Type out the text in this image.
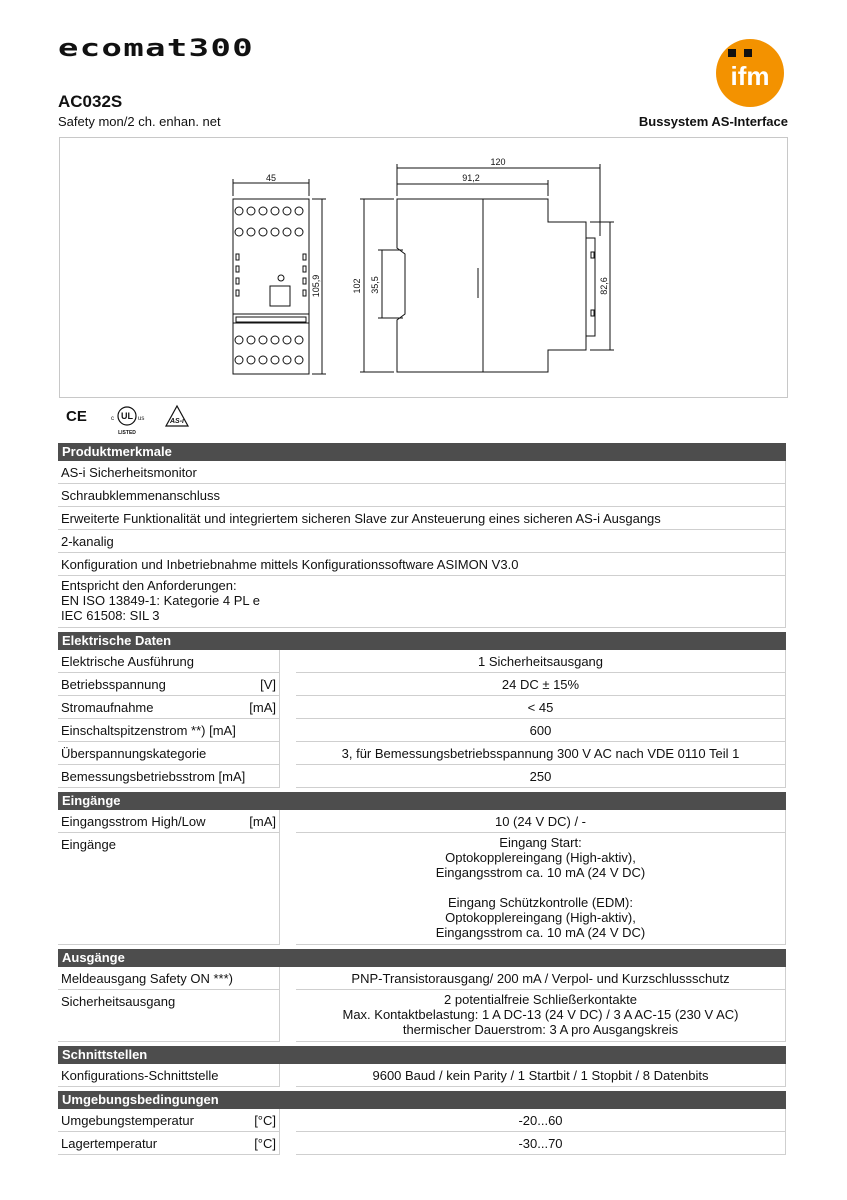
ecomat300
ifm
AC032S
Safety mon/2 ch. enhan. net	Bussystem AS-Interface
45
105,9
120
91,2
102 35,5	82,6
CE	c UL us
LISTED
AS-i
Produktmerkmale
AS-i Sicherheitsmonitor
Schraubklemmenanschluss
Erweiterte Funktionalität und integriertem sicheren Slave zur Ansteuerung eines sicheren AS-i Ausgangs
2-kanalig
Konfiguration und Inbetriebnahme mittels Konfigurationssoftware ASIMON V3.0
Entspricht den Anforderungen:
EN ISO 13849-1: Kategorie 4 PL e
IEC 61508: SIL 3
Elektrische Daten
Elektrische Ausführung	1 Sicherheitsausgang
Betriebsspannung	[V]	24 DC ± 15%
Stromaufnahme	[mA]	< 45
Einschaltspitzenstrom **) [mA]	600
Überspannungskategorie	3, für Bemessungsbetriebsspannung 300 V AC nach VDE 0110 Teil 1
Bemessungsbetriebsstrom [mA]	250
Eingänge
Eingangsstrom High/Low	[mA]	10 (24 V DC) / -
Eingänge	Eingang Start:
Optokopplereingang (High-aktiv),
Eingangsstrom ca. 10 mA (24 V DC)

Eingang Schützkontrolle (EDM):
Optokopplereingang (High-aktiv),
Eingangsstrom ca. 10 mA (24 V DC)
Ausgänge
Meldeausgang Safety ON ***)	PNP-Transistorausgang/ 200 mA / Verpol- und Kurzschlussschutz
Sicherheitsausgang	2 potentialfreie Schließerkontakte
Max. Kontaktbelastung: 1 A DC-13 (24 V DC) / 3 A AC-15 (230 V AC)
thermischer Dauerstrom: 3 A pro Ausgangskreis
Schnittstellen
Konfigurations-Schnittstelle	9600 Baud / kein Parity / 1 Startbit / 1 Stopbit / 8 Datenbits
Umgebungsbedingungen
Umgebungstemperatur	[°C]	-20...60
Lagertemperatur	[°C]	-30...70
